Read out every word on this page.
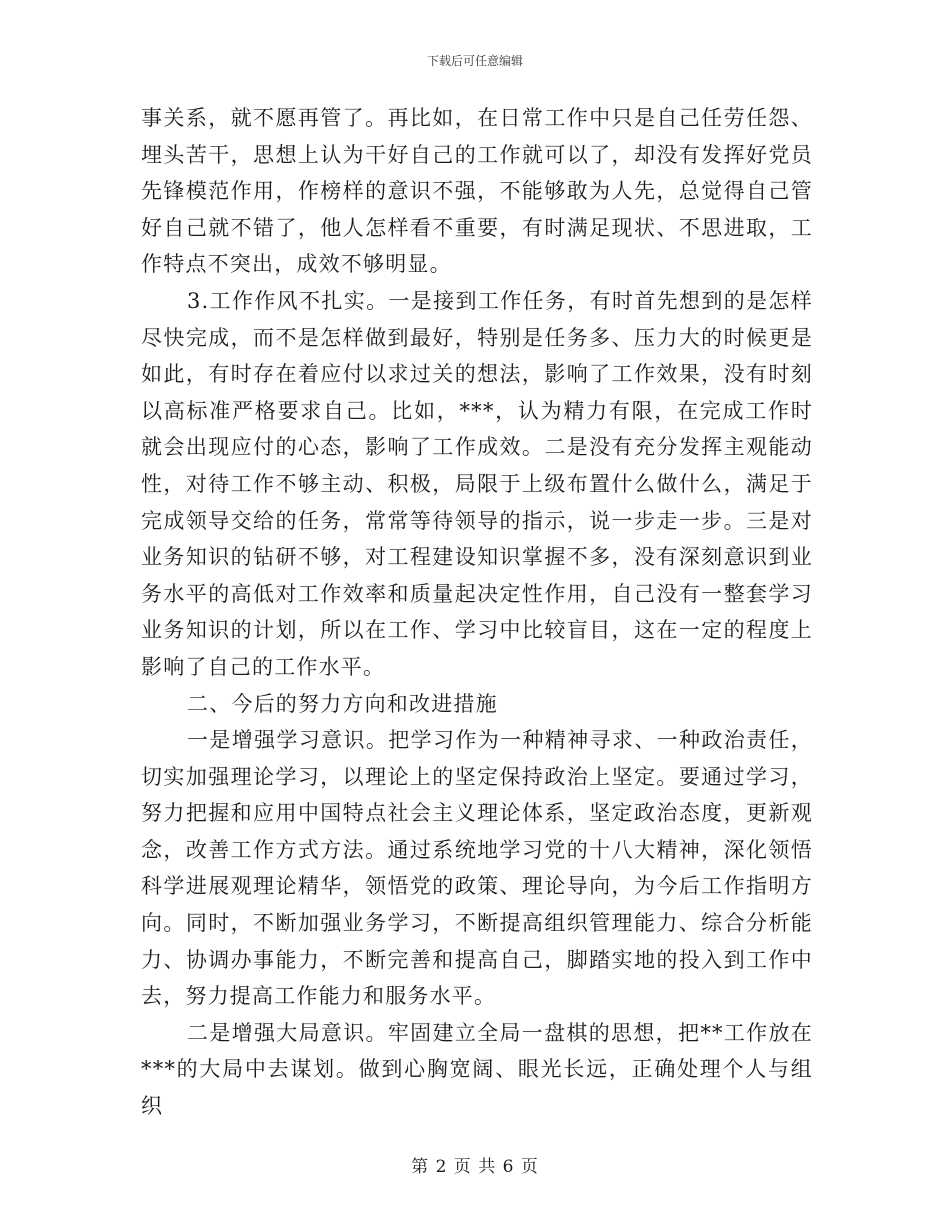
下载后可任意编辑

事关系，就不愿再管了。再比如，在日常工作中只是自己任劳任怨、埋头苦干，思想上认为干好自己的工作就可以了，却没有发挥好党员先锋模范作用，作榜样的意识不强，不能够敢为人先，总觉得自己管好自己就不错了，他人怎样看不重要，有时满足现状、不思进取，工作特点不突出，成效不够明显。

3.工作作风不扎实。一是接到工作任务，有时首先想到的是怎样尽快完成，而不是怎样做到最好，特别是任务多、压力大的时候更是如此，有时存在着应付以求过关的想法，影响了工作效果，没有时刻以高标准严格要求自己。比如，***，认为精力有限，在完成工作时就会出现应付的心态，影响了工作成效。二是没有充分发挥主观能动性，对待工作不够主动、积极，局限于上级布置什么做什么，满足于完成领导交给的任务，常常等待领导的指示，说一步走一步。三是对业务知识的钻研不够，对工程建设知识掌握不多，没有深刻意识到业务水平的高低对工作效率和质量起决定性作用，自己没有一整套学习业务知识的计划，所以在工作、学习中比较盲目，这在一定的程度上影响了自己的工作水平。

二、今后的努力方向和改进措施

一是增强学习意识。把学习作为一种精神寻求、一种政治责任，切实加强理论学习，以理论上的坚定保持政治上坚定。要通过学习，努力把握和应用中国特点社会主义理论体系，坚定政治态度，更新观念，改善工作方式方法。通过系统地学习党的十八大精神，深化领悟科学进展观理论精华，领悟党的政策、理论导向，为今后工作指明方向。同时，不断加强业务学习，不断提高组织管理能力、综合分析能力、协调办事能力，不断完善和提高自己，脚踏实地的投入到工作中去，努力提高工作能力和服务水平。

二是增强大局意识。牢固建立全局一盘棋的思想，把**工作放在***的大局中去谋划。做到心胸宽阔、眼光长远，正确处理个人与组织

第 2 页 共 6 页
